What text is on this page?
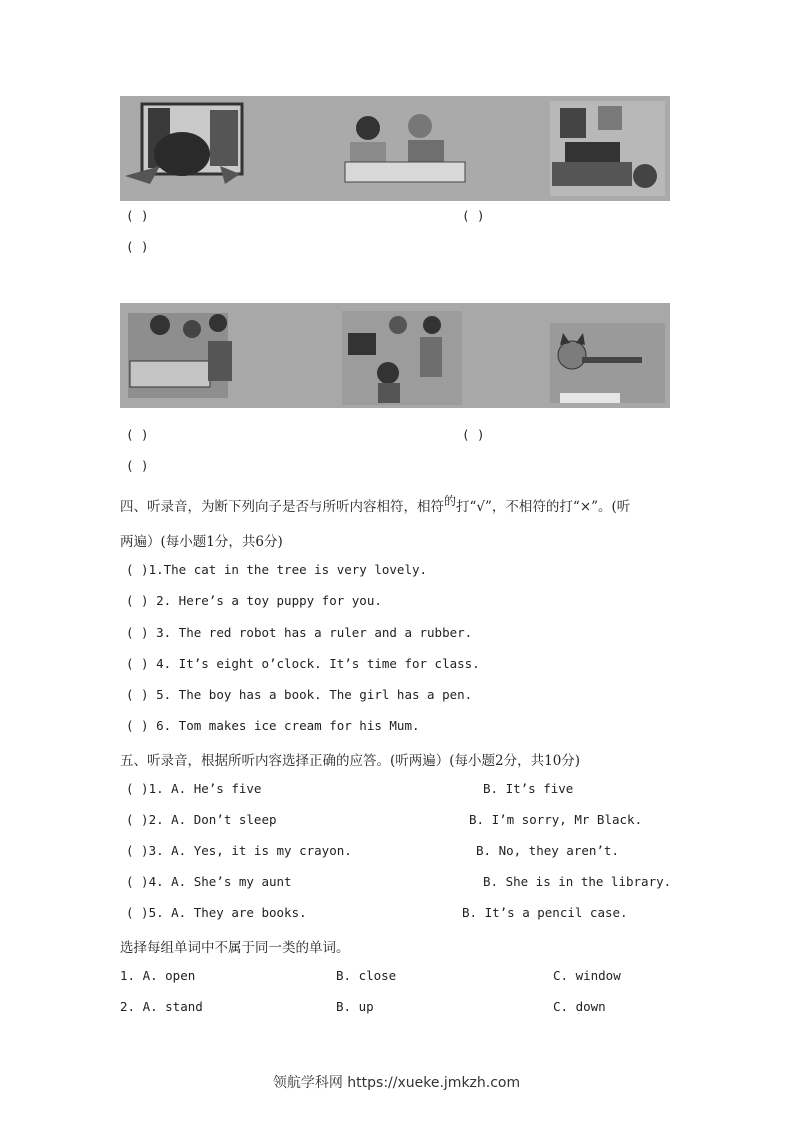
( )	( )
( )
( )	( )
( )
四、听录音，为断下列向子是否与所听内容相符，相符的打“√”，不相符的打“×”。(听
两遍）(每小题1分，共6分)
( )1.The cat in the tree is very lovely.
( ) 2. Here’s a toy puppy for you.
( ) 3. The red robot has a ruler and a rubber.
( ) 4. It’s eight o’clock. It’s time for class.
( ) 5. The boy has a book. The girl has a pen.
( ) 6. Tom makes ice cream for his Mum.
五、听录音，根据所听内容选择正确的应答。(听两遍）(每小题2分，共10分)
( )1. A. He’s five	B. It’s five
( )2. A. Don’t sleep	B. I’m sorry, Mr Black.
( )3. A. Yes, it is my crayon.	B. No, they aren’t.
( )4. A. She’s my aunt	B. She is in the library.
( )5. A. They are books.	B. It’s a pencil case.
选择每组单词中不属于同一类的单词。
1. A. open	B. close	C. window
2. A. stand	B. up	C. down
领航学科网 https://xueke.jmkzh.com
